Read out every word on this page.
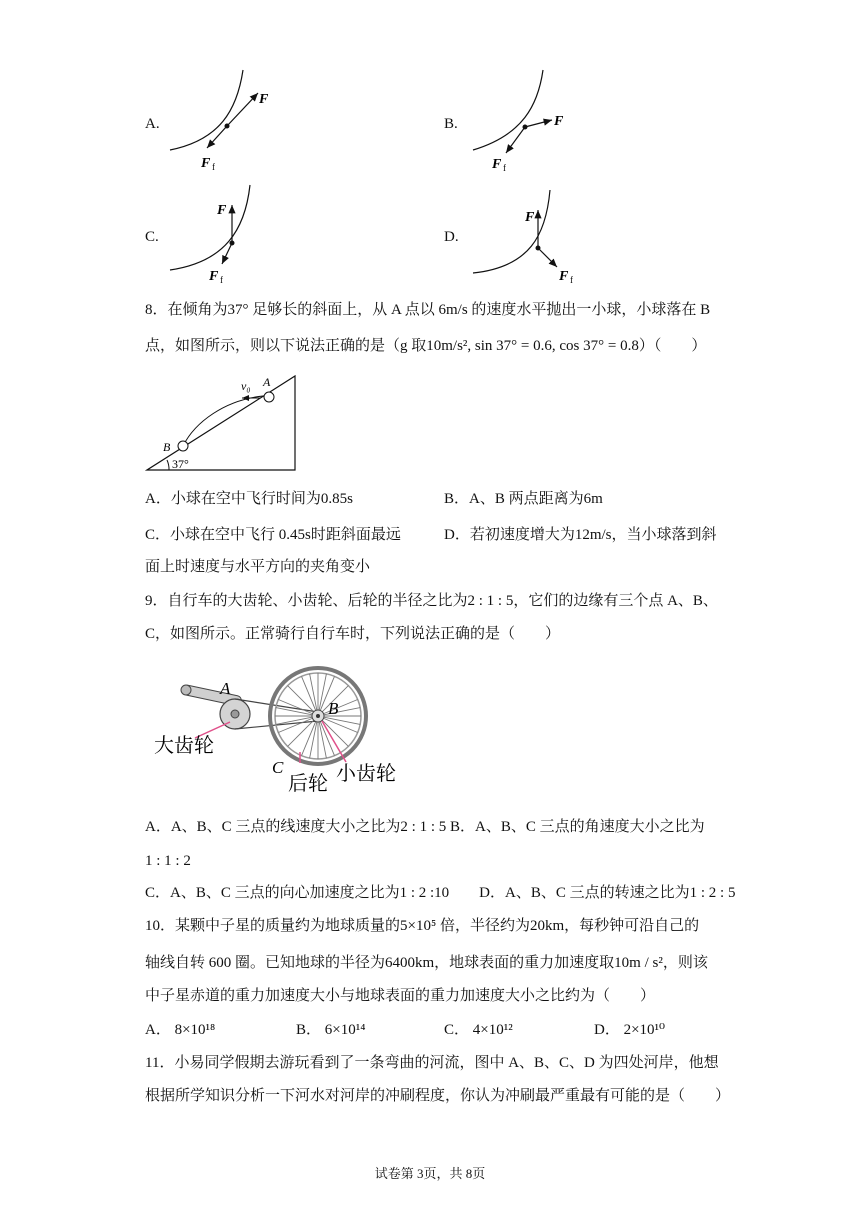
A.
F
F f
B.	F
F f
C.
F
F f
D.
F
F f
8．在倾角为37° 足够长的斜面上，从 A 点以 6m/s 的速度水平抛出一小球，小球落在 B
点，如图所示，则以下说法正确的是（g 取10m/s², sin 37° = 0.6, cos 37° = 0.8）（　　）
v₀ A
B
37°
A．小球在空中飞行时间为0.85s	B．A、B 两点距离为6m
C．小球在空中飞行 0.45s时距斜面最远	D．若初速度增大为12m/s，当小球落到斜
面上时速度与水平方向的夹角变小
9．自行车的大齿轮、小齿轮、后轮的半径之比为2 : 1 : 5，它们的边缘有三个点 A、B、
C，如图所示。正常骑行自行车时，下列说法正确的是（　　）
A
B
C
大齿轮
后轮 小齿轮
A．A、B、C 三点的线速度大小之比为2 : 1 : 5 B．A、B、C 三点的角速度大小之比为
1 : 1 : 2
C．A、B、C 三点的向心加速度之比为1 : 2 :10　　D．A、B、C 三点的转速之比为1 : 2 : 5
10．某颗中子星的质量约为地球质量的5×10⁵ 倍，半径约为20km，每秒钟可沿自己的
轴线自转 600 圈。已知地球的半径为6400km，地球表面的重力加速度取10m / s²，则该
中子星赤道的重力加速度大小与地球表面的重力加速度大小之比约为（　　）
A． 8×10¹⁸	B． 6×10¹⁴	C． 4×10¹²	D． 2×10¹⁰
11．小易同学假期去游玩看到了一条弯曲的河流，图中 A、B、C、D 为四处河岸，他想
根据所学知识分析一下河水对河岸的冲刷程度，你认为冲刷最严重最有可能的是（　　）
试卷第 3页，共 8页
